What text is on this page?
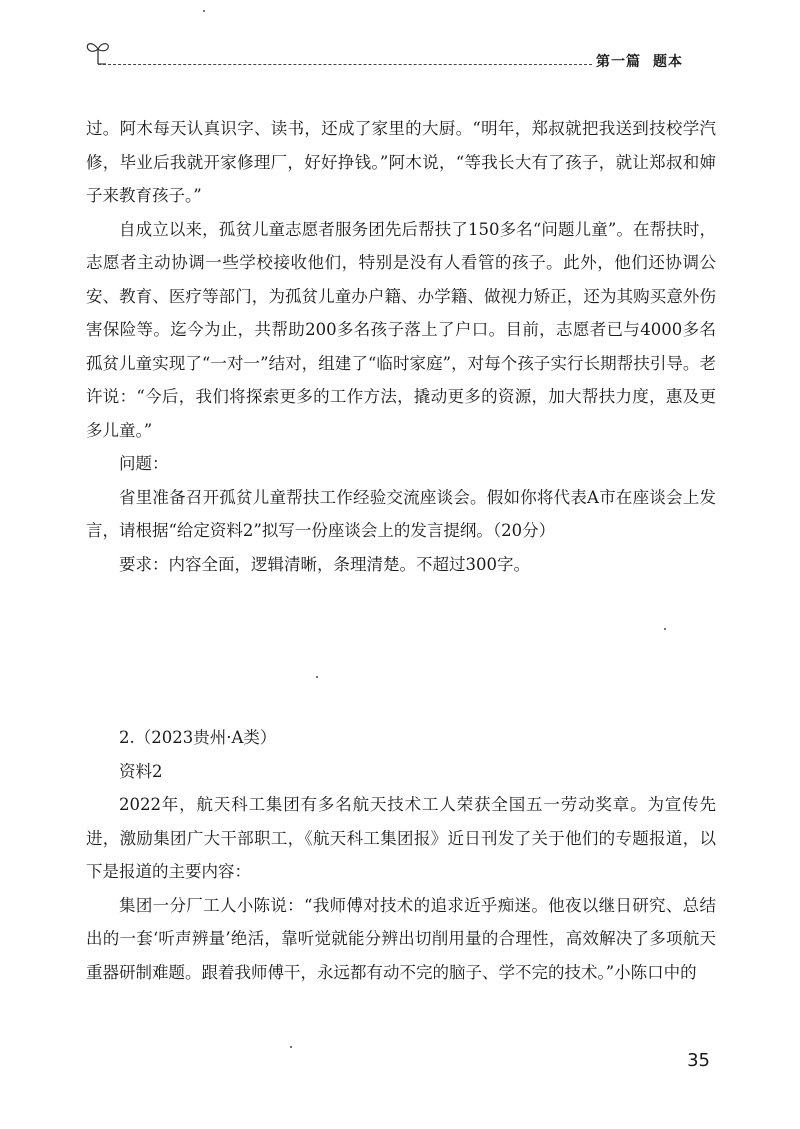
第一篇 题本

过。阿木每天认真识字、读书，还成了家里的大厨。“明年，郑叔就把我送到技校学汽修，毕业后我就开家修理厂，好好挣钱。”阿木说，“等我长大有了孩子，就让郑叔和婶子来教育孩子。”

自成立以来，孤贫儿童志愿者服务团先后帮扶了150多名“问题儿童”。在帮扶时，志愿者主动协调一些学校接收他们，特别是没有人看管的孩子。此外，他们还协调公安、教育、医疗等部门，为孤贫儿童办户籍、办学籍、做视力矫正，还为其购买意外伤害保险等。迄今为止，共帮助200多名孩子落上了户口。目前，志愿者已与4000多名孤贫儿童实现了“一对一”结对，组建了“临时家庭”，对每个孩子实行长期帮扶引导。老许说：“今后，我们将探索更多的工作方法，撬动更多的资源，加大帮扶力度，惠及更多儿童。”

问题：

省里准备召开孤贫儿童帮扶工作经验交流座谈会。假如你将代表A市在座谈会上发言，请根据“给定资料2”拟写一份座谈会上的发言提纲。（20分）

要求：内容全面，逻辑清晰，条理清楚。不超过300字。

2.（2023贵州·A类）

资料2

2022年，航天科工集团有多名航天技术工人荣获全国五一劳动奖章。为宣传先进，激励集团广大干部职工，《航天科工集团报》近日刊发了关于他们的专题报道，以下是报道的主要内容：

集团一分厂工人小陈说：“我师傅对技术的追求近乎痴迷。他夜以继日研究、总结出的一套‘听声辨量’绝活，靠听觉就能分辨出切削用量的合理性，高效解决了多项航天重器研制难题。跟着我师傅干，永远都有动不完的脑子、学不完的技术。”小陈口中的

35
